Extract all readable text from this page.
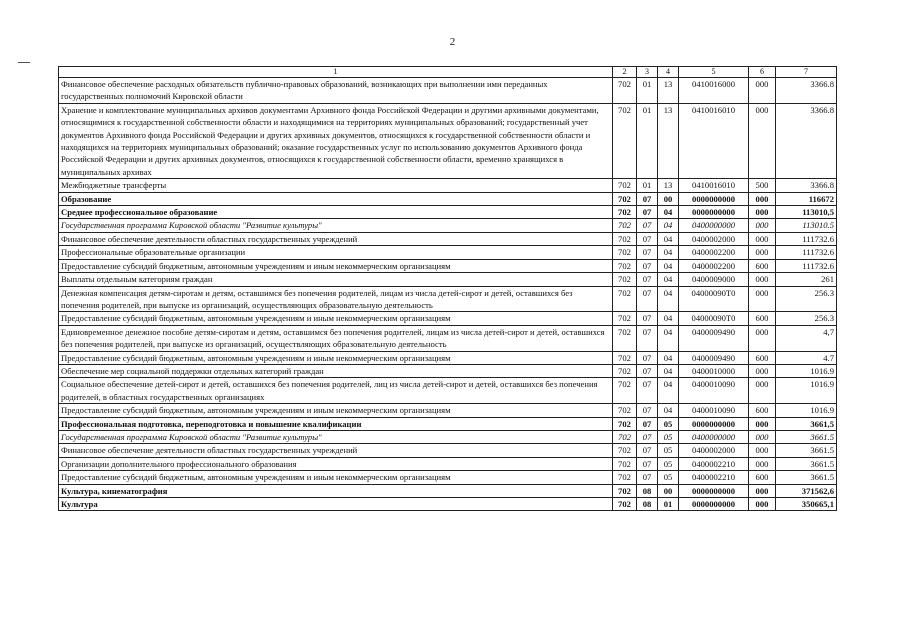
2
1	2	3	4	5	6	7
Финансовое обеспечение расходных обязательств публично-правовых образований, возникающих при выполнении ими переданных государственных полномочий Кировской области	702	01	13	0410016000	000	3366.8
Хранение и комплектование муниципальных архивов документами Архивного фонда Российской Федерации и другими архивными документами, относящимися к государственной собственности области и находящимися на территориях муниципальных образований; государственный учет документов Архивного фонда Российской Федерации и других архивных документов, относящихся к государственной собственности области и находящихся на территориях муниципальных образований; оказание государственных услуг по использованию документов Архивного фонда Российской Федерации и других архивных документов, относящихся к государственной собственности области, временно хранящихся в муниципальных архивах	702	01	13	0410016010	000	3366.8
Межбюджетные трансферты	702	01	13	0410016010	500	3366.8
Образование	702	07	00	0000000000	000	116672
Среднее профессиональное образование	702	07	04	0000000000	000	113010,5
Государственная программа Кировской области "Развитие культуры"	702	07	04	0400000000	000	113010.5
Финансовое обеспечение деятельности областных государственных учреждений	702	07	04	0400002000	000	111732.6
Профессиональные образовательные организации	702	07	04	0400002200	000	111732.6
Предоставление субсидий бюджетным, автономным учреждениям и иным некоммерческим организациям	702	07	04	0400002200	600	111732.6
Выплаты отдельным категориям граждан	702	07	04	0400009000	000	261
Денежная компенсация детям-сиротам и детям, оставшимся без попечения родителей, лицам из числа детей-сирот и детей, оставшихся без попечения родителей, при выпуске из организаций, осуществляющих образовательную деятельность	702	07	04	04000090Т0	000	256.3
Предоставление субсидий бюджетным, автономным учреждениям и иным некоммерческим организациям	702	07	04	04000090Т0	600	256.3
Единовременное денежное пособие детям-сиротам и детям, оставшимся без попечения родителей, лицам из числа детей-сирот и детей, оставшихся без попечения родителей, при выпуске из организаций, осуществляющих образовательную деятельность	702	07	04	0400009490	000	4,7
Предоставление субсидий бюджетным, автономным учреждениям и иным некоммерческим организациям	702	07	04	0400009490	600	4.7
Обеспечение мер социальной поддержки отдельных категорий граждан	702	07	04	0400010000	000	1016.9
Социальное обеспечение детей-сирот и детей, оставшихся без попечения родителей, лиц из числа детей-сирот и детей, оставшихся без попечения родителей, в областных государственных организациях	702	07	04	0400010090	000	1016.9
Предоставление субсидий бюджетным, автономным учреждениям и иным некоммерческим организациям	702	07	04	0400010090	600	1016.9
Профессиональная подготовка, переподготовка и повышение квалификации	702	07	05	0000000000	000	3661,5
Государственная программа Кировской области "Развитие культуры"	702	07	05	0400000000	000	3661.5
Финансовое обеспечение деятельности областных государственных учреждений	702	07	05	0400002000	000	3661.5
Организации дополнительного профессионального образования	702	07	05	0400002210	000	3661.5
Предоставление субсидий бюджетным, автономным учреждениям и иным некоммерческим организациям	702	07	05	0400002210	600	3661.5
Культура, кинематография	702	08	00	0000000000	000	371562,6
Культура	702	08	01	0000000000	000	350665,1
